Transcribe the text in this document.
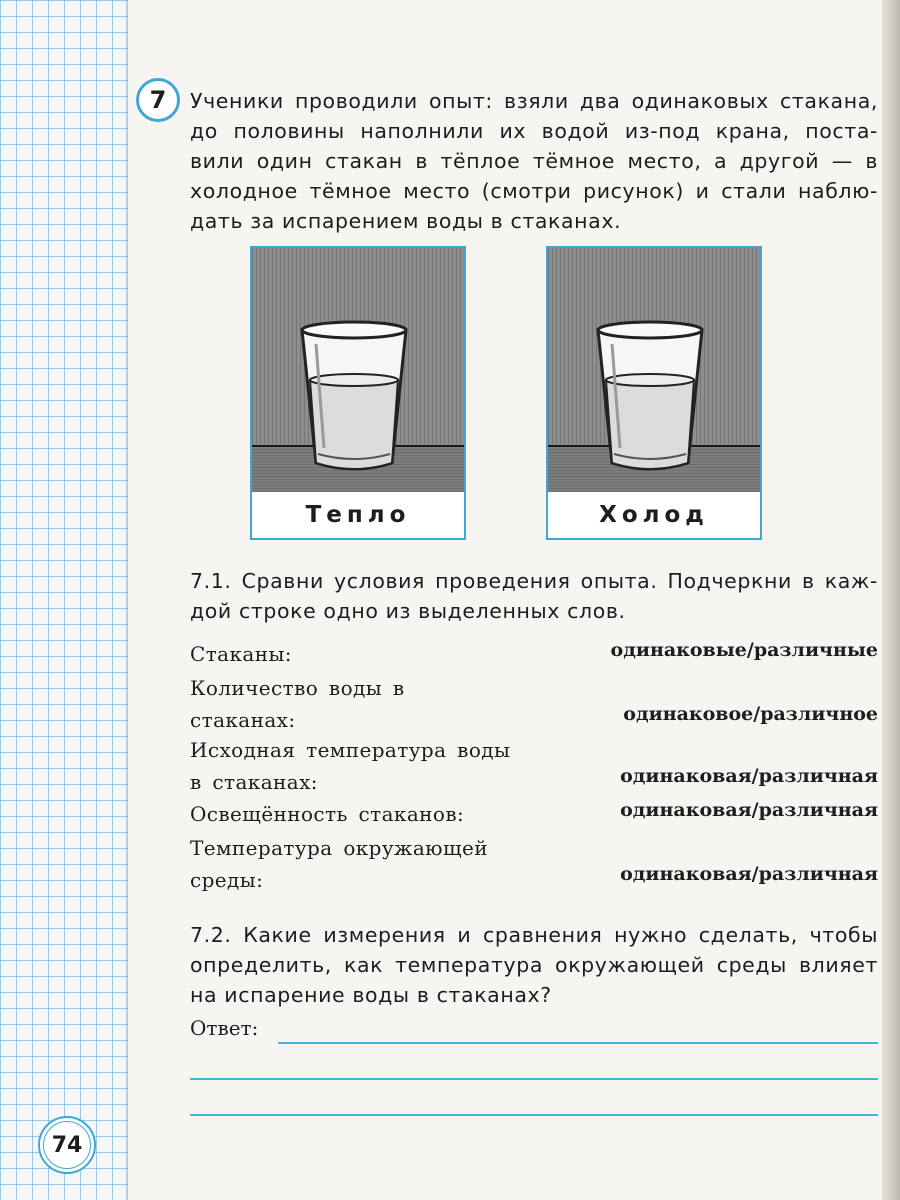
7 Ученики проводили опыт: взяли два одинаковых стакана,
до половины наполнили их водой из-под крана, поста-
вили один стакан в тёплое тёмное место, а другой — в
холодное тёмное место (смотри рисунок) и стали наблю-
дать за испарением воды в стаканах.
Тепло	Холод
7.1. Сравни условия проведения опыта. Подчеркни в каж-
дой строке одно из выделенных слов.
Стаканы:	одинаковые/различные
Количество воды в стаканах:	одинаковое/различное
Исходная температура воды в стаканах:	одинаковая/различная
Освещённость стаканов:	одинаковая/различная
Температура окружающей среды:	одинаковая/различная
7.2. Какие измерения и сравнения нужно сделать, чтобы
определить, как температура окружающей среды влияет
на испарение воды в стаканах?
Ответ:
74
